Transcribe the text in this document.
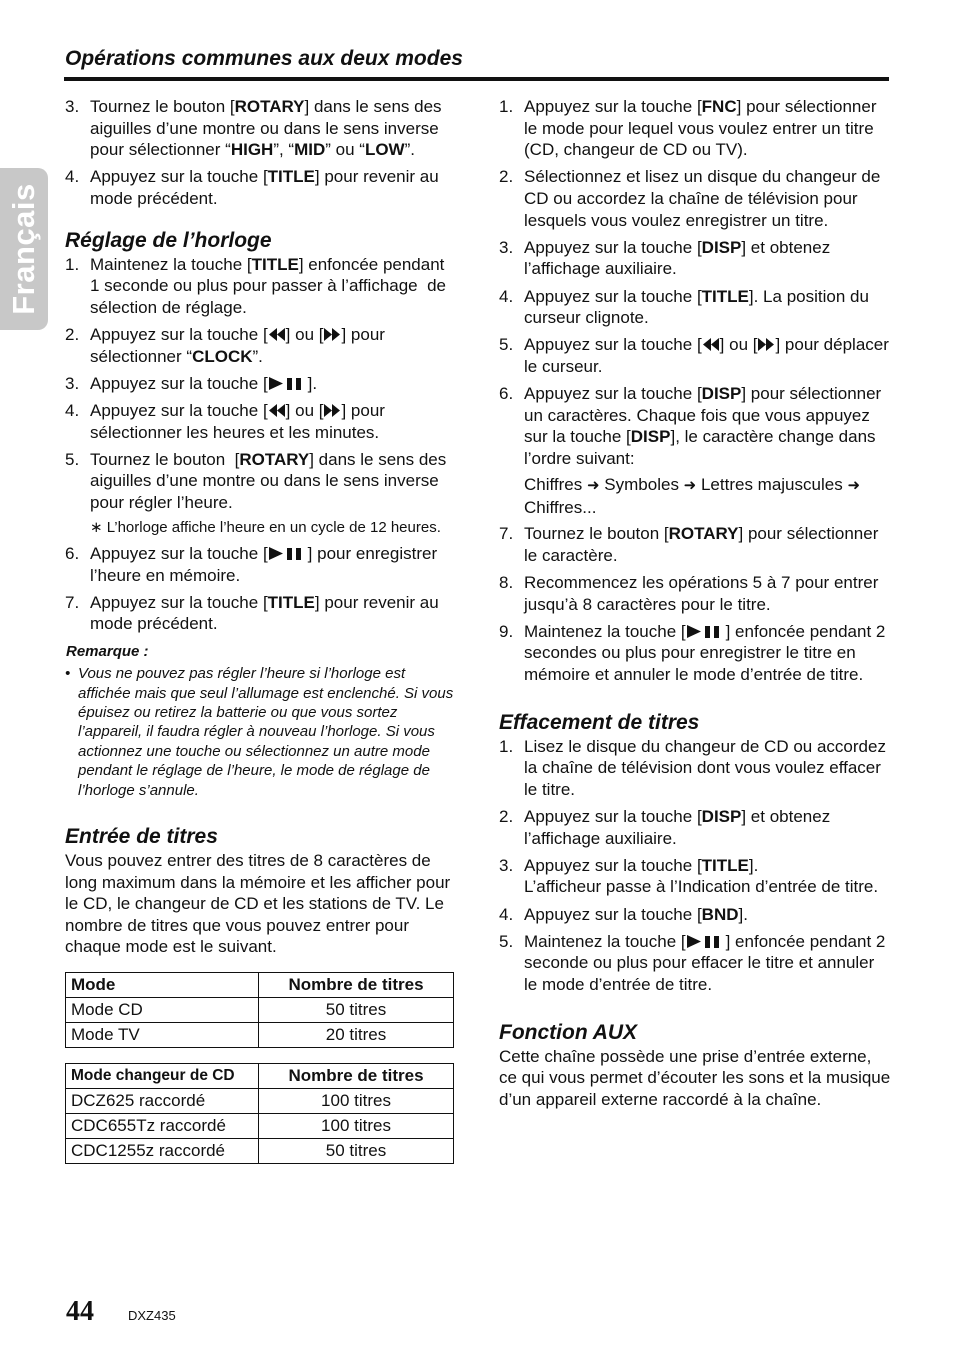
Français
Opérations communes aux deux modes
3. Tournez le bouton [ROTARY] dans le sens des aiguilles d’une montre ou dans le sens inverse pour sélectionner “HIGH”, “MID” ou “LOW”.
4. Appuyez sur la touche [TITLE] pour revenir au mode précédent.
Réglage de l’horloge
1. Maintenez la touche [TITLE] enfoncée pendant 1 seconde ou plus pour passer à l’affichage  de sélection de réglage.
2. Appuyez sur la touche [ ] ou [ ] pour sélectionner “CLOCK”.
3. Appuyez sur la touche [ ].
4. Appuyez sur la touche [ ] ou [ ] pour sélectionner les heures et les minutes.
5. Tournez le bouton  [ROTARY] dans le sens des aiguilles d’une montre ou dans le sens inverse pour régler l’heure.
∗ L’horloge affiche l’heure en un cycle de 12 heures.
6. Appuyez sur la touche [ ] pour enregistrer l’heure en mémoire.
7. Appuyez sur la touche [TITLE] pour revenir au mode précédent.
Remarque :
• Vous ne pouvez pas régler l’heure si l’horloge est affichée mais que seul l’allumage est enclenché. Si vous épuisez ou retirez la batterie ou que vous sortez l’appareil, il faudra régler à nouveau l’horloge. Si vous actionnez une touche ou sélectionnez un autre mode pendant le réglage de l’heure, le mode de réglage de l’horloge s’annule.
Entrée de titres

Vous pouvez entrer des titres de 8 caractères de long maximum dans la mémoire et les afficher pour le CD, le changeur de CD et les stations de TV. Le nombre de titres que vous pouvez entrer pour chaque mode est le suivant.

Mode	Nombre de titres
Mode CD	50 titres
Mode TV	20 titres
Mode changeur de CD	Nombre de titres
DCZ625 raccordé	100 titres
CDC655Tz raccordé	100 titres
CDC1255z raccordé	50 titres
1. Appuyez sur la touche [FNC] pour sélectionner le mode pour lequel vous voulez entrer un titre (CD, changeur de CD ou TV).
2. Sélectionnez et lisez un disque du changeur de CD ou accordez la chaîne de télévision pour lesquels vous voulez enregistrer un titre.
3. Appuyez sur la touche [DISP] et obtenez l’affichage auxiliaire.
4. Appuyez sur la touche [TITLE]. La position du curseur clignote.
5. Appuyez sur la touche [ ] ou [ ] pour déplacer le curseur.
6. Appuyez sur la touche [DISP] pour sélectionner un caractères. Chaque fois que vous appuyez sur la touche [DISP], le caractère change dans l’ordre suivant:
Chiffres ➜ Symboles ➜ Lettres majuscules ➜ Chiffres...
7. Tournez le bouton [ROTARY] pour sélectionner le caractère.
8. Recommencez les opérations 5 à 7 pour entrer jusqu’à 8 caractères pour le titre.
9. Maintenez la touche [ ] enfoncée pendant 2 secondes ou plus pour enregistrer le titre en mémoire et annuler le mode d’entrée de titre.
Effacement de titres
1. Lisez le disque du changeur de CD ou accordez la chaîne de télévision dont vous voulez effacer le titre.
2. Appuyez sur la touche [DISP] et obtenez l’affichage auxiliaire.
3. Appuyez sur la touche [TITLE].
L’afficheur passe à l’Indication d’entrée de titre.
4. Appuyez sur la touche [BND].
5. Maintenez la touche [ ] enfoncée pendant 2 seconde ou plus pour effacer le titre et annuler le mode d’entrée de titre.
Fonction AUX

Cette chaîne possède une prise d’entrée externe, ce qui vous permet d’écouter les sons et la musique d’un appareil externe raccordé à la chaîne.

44	DXZ435
